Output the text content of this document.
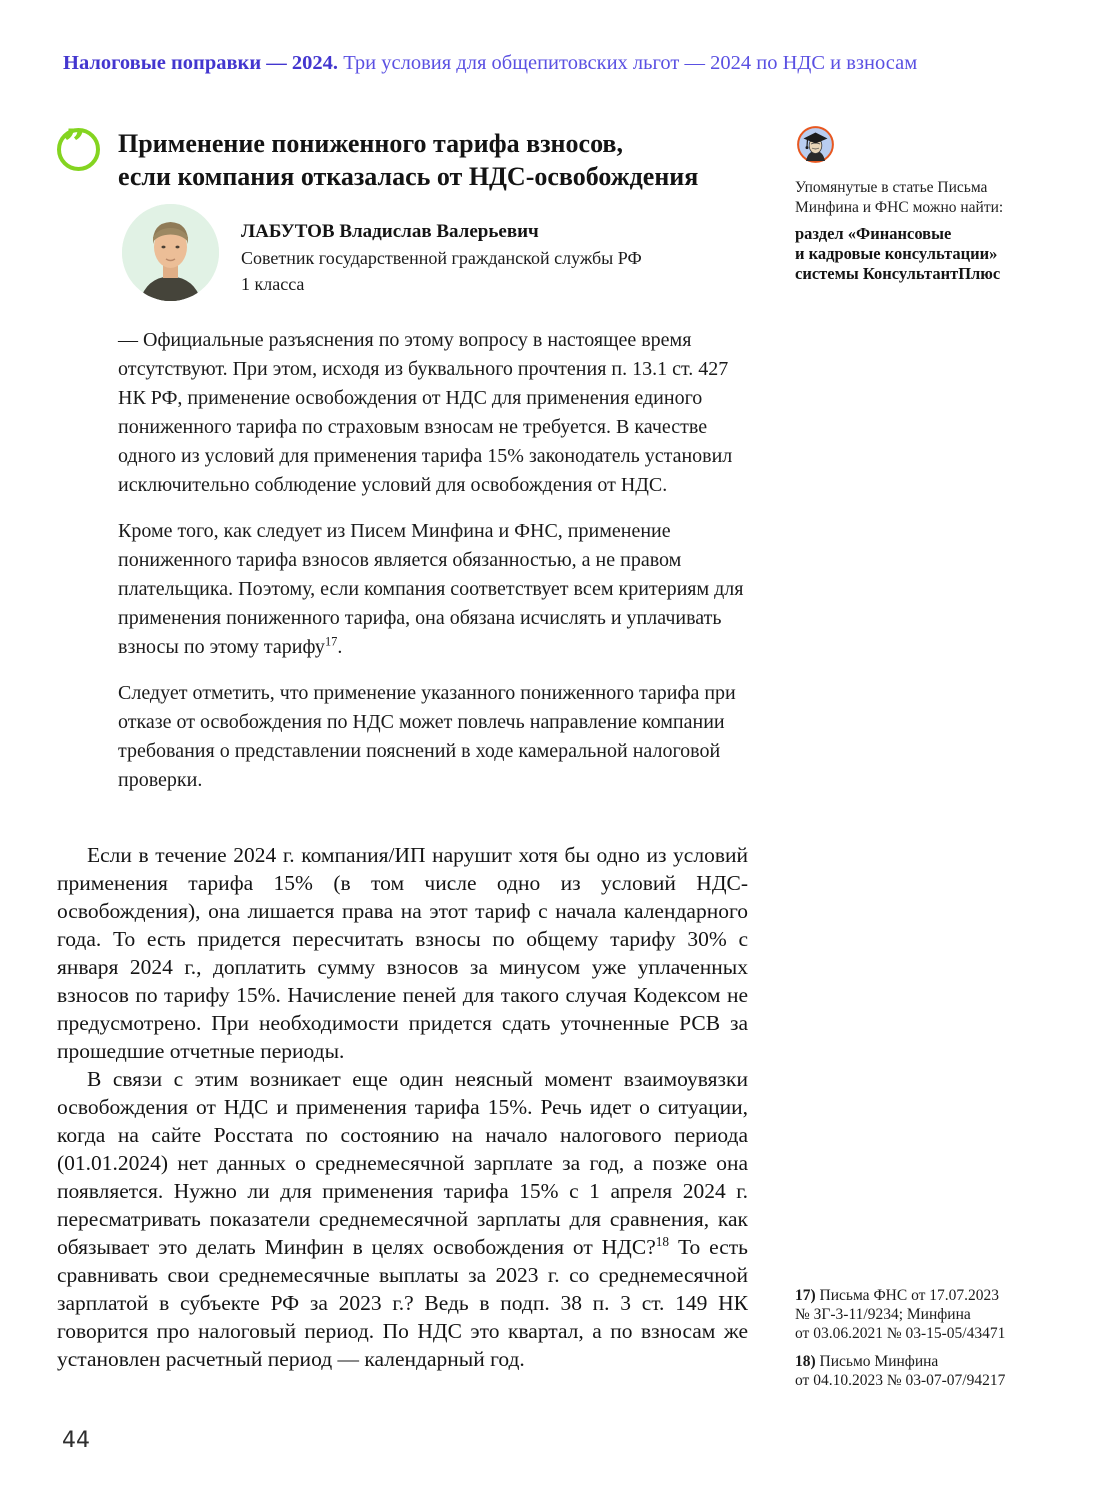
Налоговые поправки — 2024. Три условия для общепитовских льгот — 2024 по НДС и взносам
” Применение пониженного тарифа взносов,
если компания отказалась от НДС-освобождения
ЛАБУТОВ Владислав Валерьевич
Советник государственной гражданской службы РФ
1 класса

— Официальные разъяснения по этому вопросу в настоящее время отсутствуют. При этом, исходя из буквального прочтения п. 13.1 ст. 427 НК РФ, применение освобождения от НДС для применения единого пониженного тарифа по страховым взносам не требуется. В качестве одного из условий для применения тарифа 15% законодатель установил исключительно соблюдение условий для освобождения от НДС.

Кроме того, как следует из Писем Минфина и ФНС, применение пониженного тарифа взносов является обязанностью, а не правом плательщика. Поэтому, если компания соответствует всем критериям для применения пониженного тарифа, она обязана исчислять и уплачивать взносы по этому тарифу$^{17}$.

Следует отметить, что применение указанного пониженного тарифа при отказе от освобождения по НДС может повлечь направление компании требования о представлении пояснений в ходе камеральной налоговой проверки.

Если в течение 2024 г. компания/ИП нарушит хотя бы одно из условий применения тарифа 15% (в том числе одно из условий НДС-освобождения), она лишается права на этот тариф с начала календарного года. То есть придется пересчитать взносы по общему тарифу 30% с января 2024 г., доплатить сумму взносов за минусом уже уплаченных взносов по тарифу 15%. Начисление пеней для такого случая Кодексом не предусмотрено. При необходимости придется сдать уточненные РСВ за прошедшие отчетные периоды.

В связи с этим возникает еще один неясный момент взаимоувязки освобождения от НДС и применения тарифа 15%. Речь идет о ситуации, когда на сайте Росстата по состоянию на начало налогового периода (01.01.2024) нет данных о среднемесячной зарплате за год, а позже она появляется. Нужно ли для применения тарифа 15% с 1 апреля 2024 г. пересматривать показатели среднемесячной зарплаты для сравнения, как обязывает это делать Минфин в целях освобождения от НДС?$^{18}$ То есть сравнивать свои среднемесячные выплаты за 2023 г. со среднемесячной зарплатой в субъекте РФ за 2023 г.? Ведь в подп. 38 п. 3 ст. 149 НК говорится про налоговый период. По НДС это квартал, а по взносам же установлен расчетный период — календарный год.

Упомянутые в статье Письма
Минфина и ФНС можно найти:

раздел «Финансовые
и кадровые консультации»
системы КонсультантПлюс

17) Письма ФНС от 17.07.2023
№ ЗГ-3-11/9234; Минфина
от 03.06.2021 № 03-15-05/43471
18) Письмо Минфина
от 04.10.2023 № 03-07-07/94217
44
